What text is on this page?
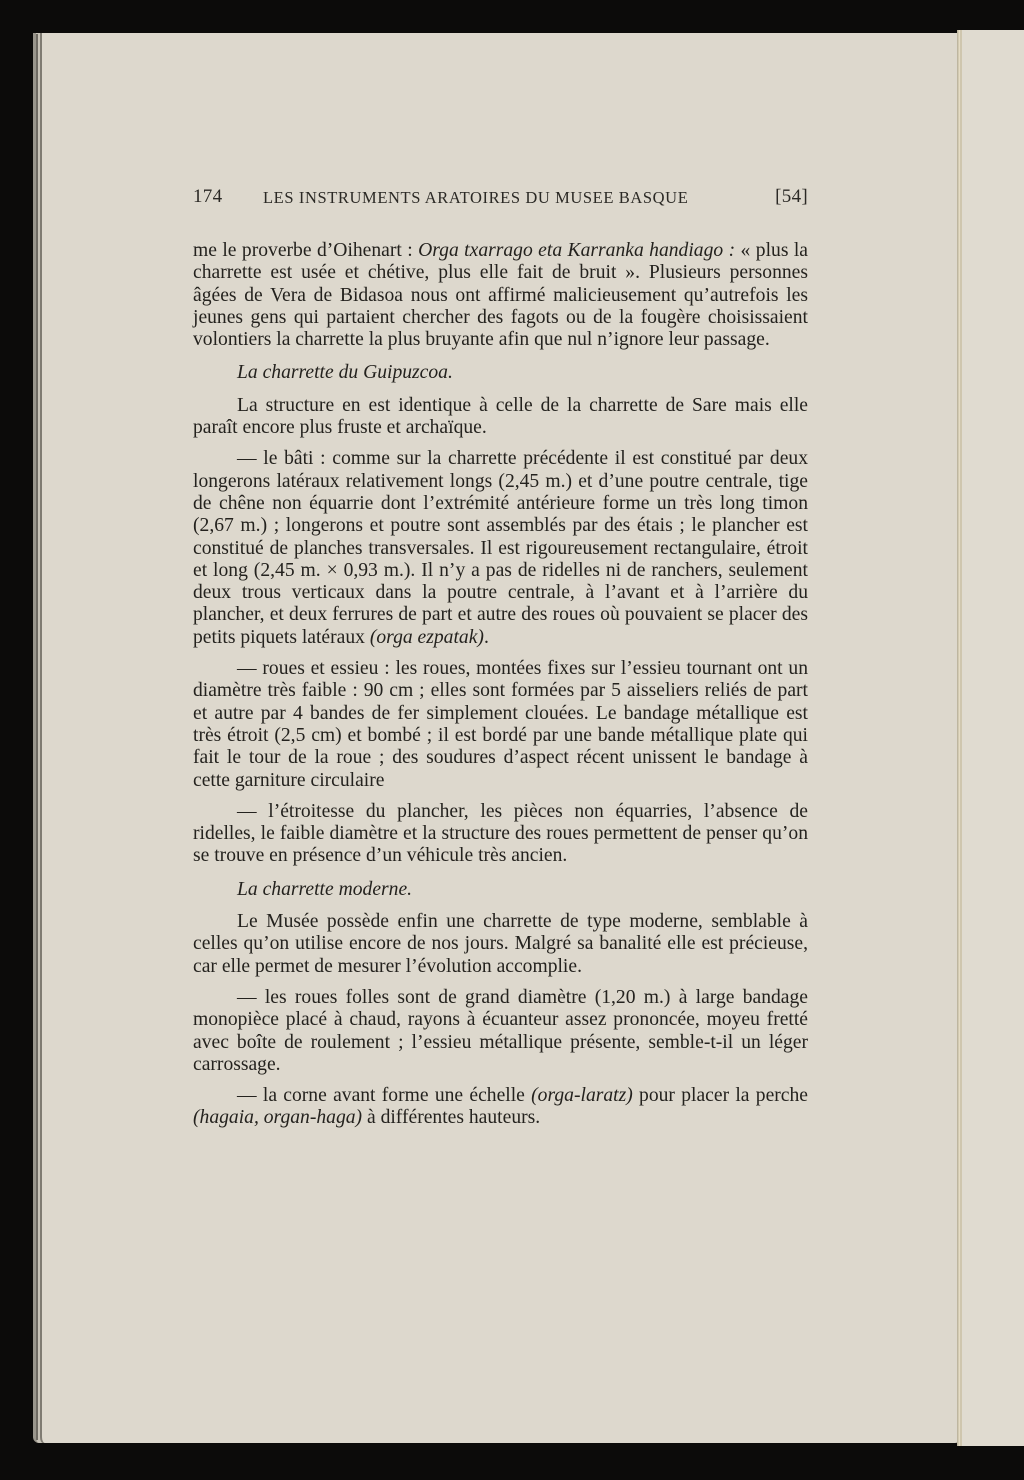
174 LES INSTRUMENTS ARATOIRES DU MUSEE BASQUE	[54]

me le proverbe d’Oihenart : Orga txarrago eta Karranka handiago : « plus la charrette est usée et chétive, plus elle fait de bruit ». Plusieurs personnes âgées de Vera de Bidasoa nous ont affirmé malicieusement qu’autrefois les jeunes gens qui partaient chercher des fagots ou de la fougère choisissaient volontiers la charrette la plus bruyante afin que nul n’ignore leur passage.

La charrette du Guipuzcoa.

La structure en est identique à celle de la charrette de Sare mais elle paraît encore plus fruste et archaïque.

— le bâti : comme sur la charrette précédente il est constitué par deux longerons latéraux relativement longs (2,45 m.) et d’une poutre centrale, tige de chêne non équarrie dont l’extrémité antérieure forme un très long timon (2,67 m.) ; longerons et poutre sont assemblés par des étais ; le plancher est constitué de planches transversales. Il est rigoureusement rectangulaire, étroit et long (2,45 m. × 0,93 m.). Il n’y a pas de ridelles ni de ranchers, seulement deux trous verticaux dans la poutre centrale, à l’avant et à l’arrière du plancher, et deux ferrures de part et autre des roues où pouvaient se placer des petits piquets latéraux (orga ezpatak).

— roues et essieu : les roues, montées fixes sur l’essieu tournant ont un diamètre très faible : 90 cm ; elles sont formées par 5 aisseliers reliés de part et autre par 4 bandes de fer simplement clouées. Le bandage métallique est très étroit (2,5 cm) et bombé ; il est bordé par une bande métallique plate qui fait le tour de la roue ; des soudures d’aspect récent unissent le bandage à cette garniture circulaire

— l’étroitesse du plancher, les pièces non équarries, l’absence de ridelles, le faible diamètre et la structure des roues permettent de penser qu’on se trouve en présence d’un véhicule très ancien.

La charrette moderne.

Le Musée possède enfin une charrette de type moderne, semblable à celles qu’on utilise encore de nos jours. Malgré sa banalité elle est précieuse, car elle permet de mesurer l’évolution accomplie.

— les roues folles sont de grand diamètre (1,20 m.) à large bandage monopièce placé à chaud, rayons à écuanteur assez prononcée, moyeu fretté avec boîte de roulement ; l’essieu métallique présente, semble-t-il un léger carrossage.

— la corne avant forme une échelle (orga-laratz) pour placer la perche (hagaia, organ-haga) à différentes hauteurs.
